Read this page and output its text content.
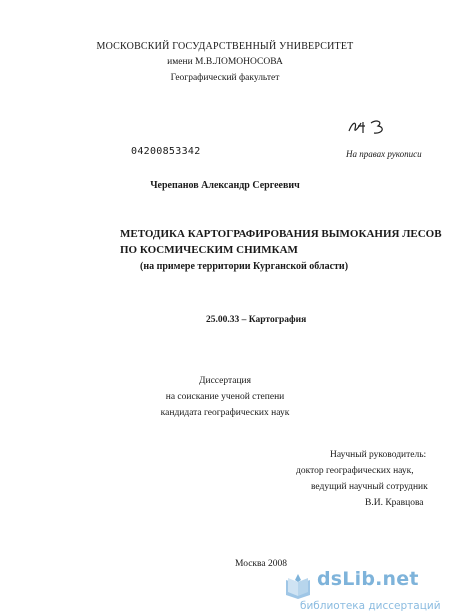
МОСКОВСКИЙ ГОСУДАРСТВЕННЫЙ УНИВЕРСИТЕТ
имени М.В.ЛОМОНОСОВА
Географический факультет
04200853342	На правах рукописи
Черепанов Александр Сергеевич
МЕТОДИКА КАРТОГРАФИРОВАНИЯ ВЫМОКАНИЯ ЛЕСОВ
ПО КОСМИЧЕСКИМ СНИМКАМ
(на примере территории Курганской области)
25.00.33 – Картография
Диссертация
на соискание ученой степени
кандидата географических наук
Научный руководитель:
доктор географических наук,
ведущий научный сотрудник
В.И. Кравцова
Москва 2008
dsLib.net
библиотека диссертаций
